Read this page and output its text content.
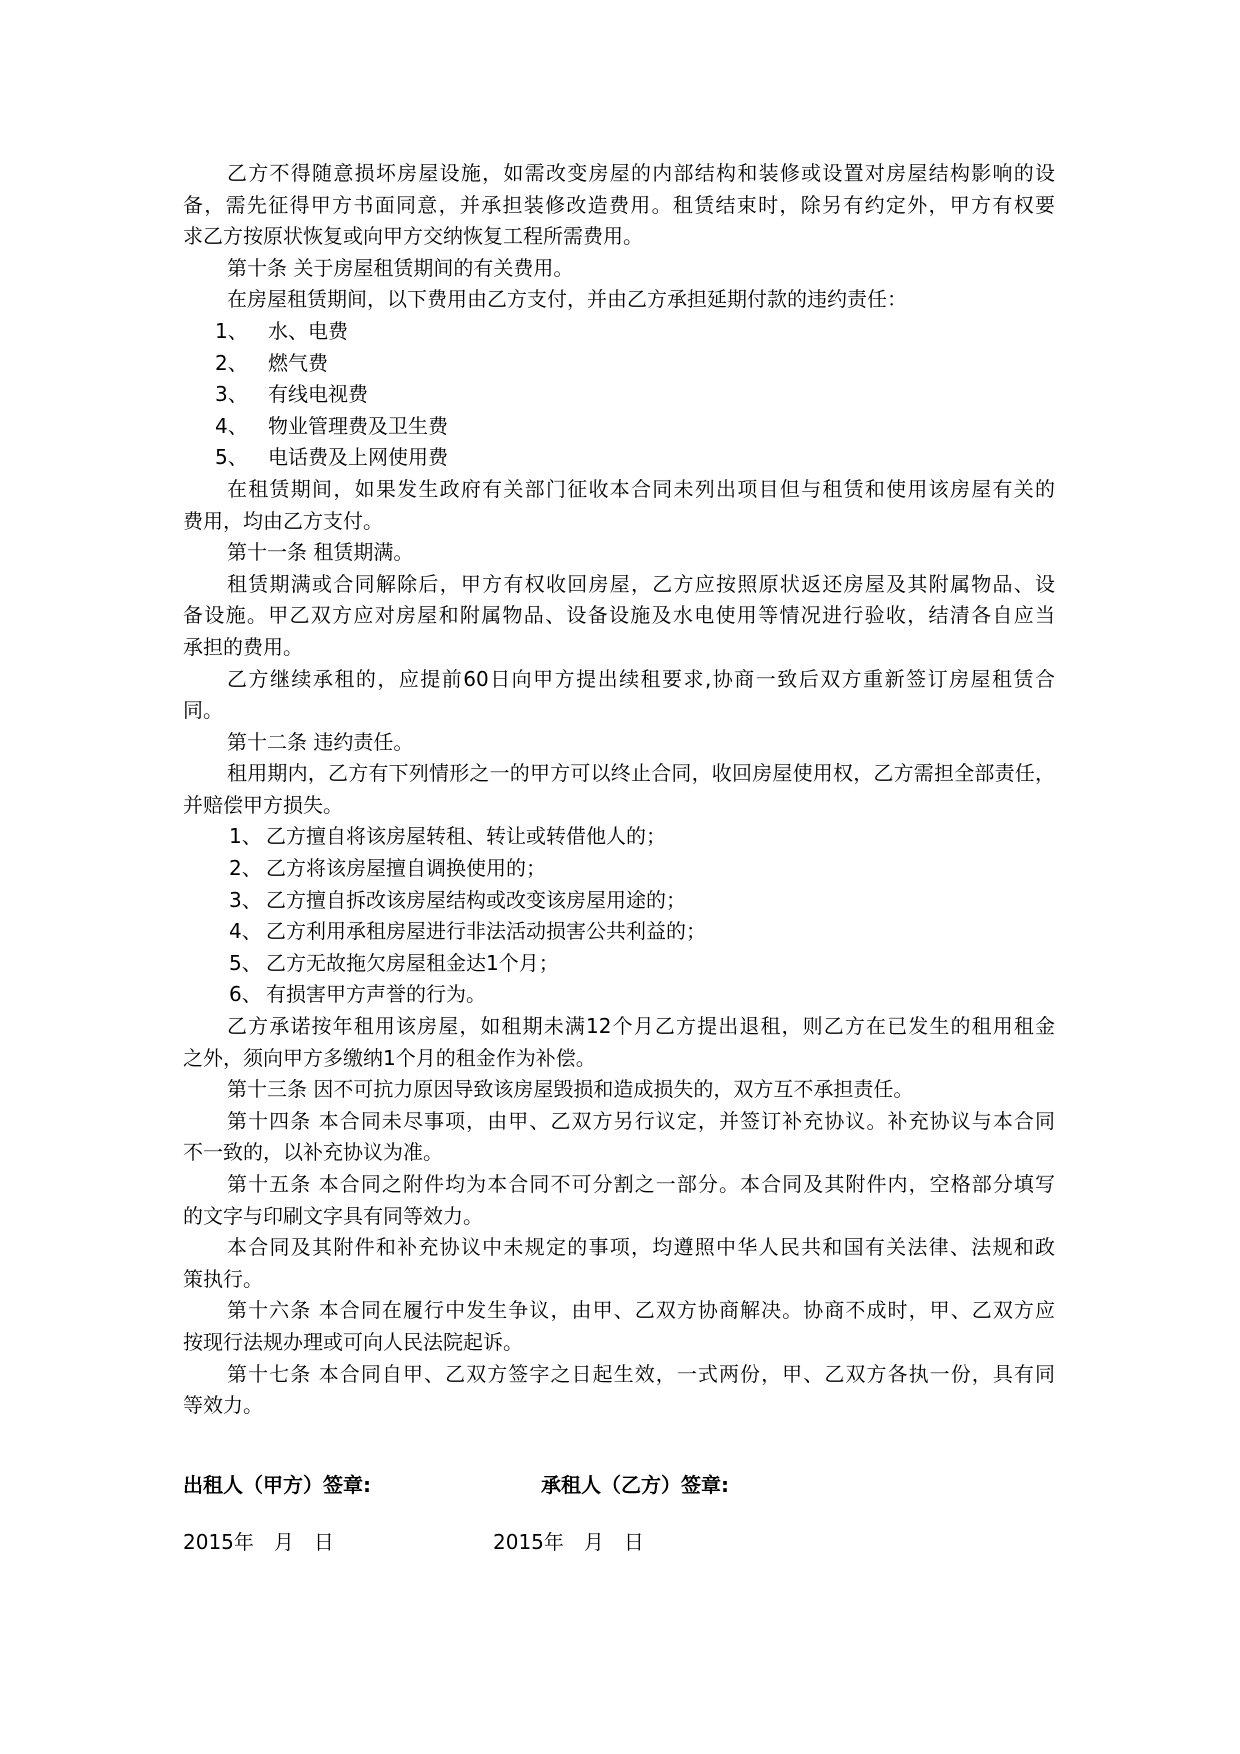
乙方不得随意损坏房屋设施，如需改变房屋的内部结构和装修或设置对房屋结构影响的设
备，需先征得甲方书面同意，并承担装修改造费用。租赁结束时，除另有约定外，甲方有权要
求乙方按原状恢复或向甲方交纳恢复工程所需费用。
第十条 关于房屋租赁期间的有关费用。
在房屋租赁期间，以下费用由乙方支付，并由乙方承担延期付款的违约责任：
1、 水、电费
2、 燃气费
3、 有线电视费
4、 物业管理费及卫生费
5、 电话费及上网使用费
在租赁期间，如果发生政府有关部门征收本合同未列出项目但与租赁和使用该房屋有关的
费用，均由乙方支付。
第十一条 租赁期满。
租赁期满或合同解除后，甲方有权收回房屋，乙方应按照原状返还房屋及其附属物品、设
备设施。甲乙双方应对房屋和附属物品、设备设施及水电使用等情况进行验收，结清各自应当
承担的费用。
乙方继续承租的，应提前60日向甲方提出续租要求,协商一致后双方重新签订房屋租赁合
同。
第十二条 违约责任。
租用期内，乙方有下列情形之一的甲方可以终止合同，收回房屋使用权，乙方需担全部责任，
并赔偿甲方损失。
1、 乙方擅自将该房屋转租、转让或转借他人的；
2、 乙方将该房屋擅自调换使用的；
3、 乙方擅自拆改该房屋结构或改变该房屋用途的；
4、 乙方利用承租房屋进行非法活动损害公共利益的；
5、 乙方无故拖欠房屋租金达1个月；
6、 有损害甲方声誉的行为。
乙方承诺按年租用该房屋，如租期未满12个月乙方提出退租，则乙方在已发生的租用租金
之外，须向甲方多缴纳1个月的租金作为补偿。
第十三条 因不可抗力原因导致该房屋毁损和造成损失的，双方互不承担责任。
第十四条 本合同未尽事项，由甲、乙双方另行议定，并签订补充协议。补充协议与本合同
不一致的，以补充协议为准。
第十五条 本合同之附件均为本合同不可分割之一部分。本合同及其附件内，空格部分填写
的文字与印刷文字具有同等效力。
本合同及其附件和补充协议中未规定的事项，均遵照中华人民共和国有关法律、法规和政
策执行。
第十六条 本合同在履行中发生争议，由甲、乙双方协商解决。协商不成时，甲、乙双方应
按现行法规办理或可向人民法院起诉。
第十七条 本合同自甲、乙双方签字之日起生效，一式两份，甲、乙双方各执一份，具有同
等效力。
出租人（甲方）签章:	承租人（乙方）签章:
2015年　月　日	2015年　月　日
